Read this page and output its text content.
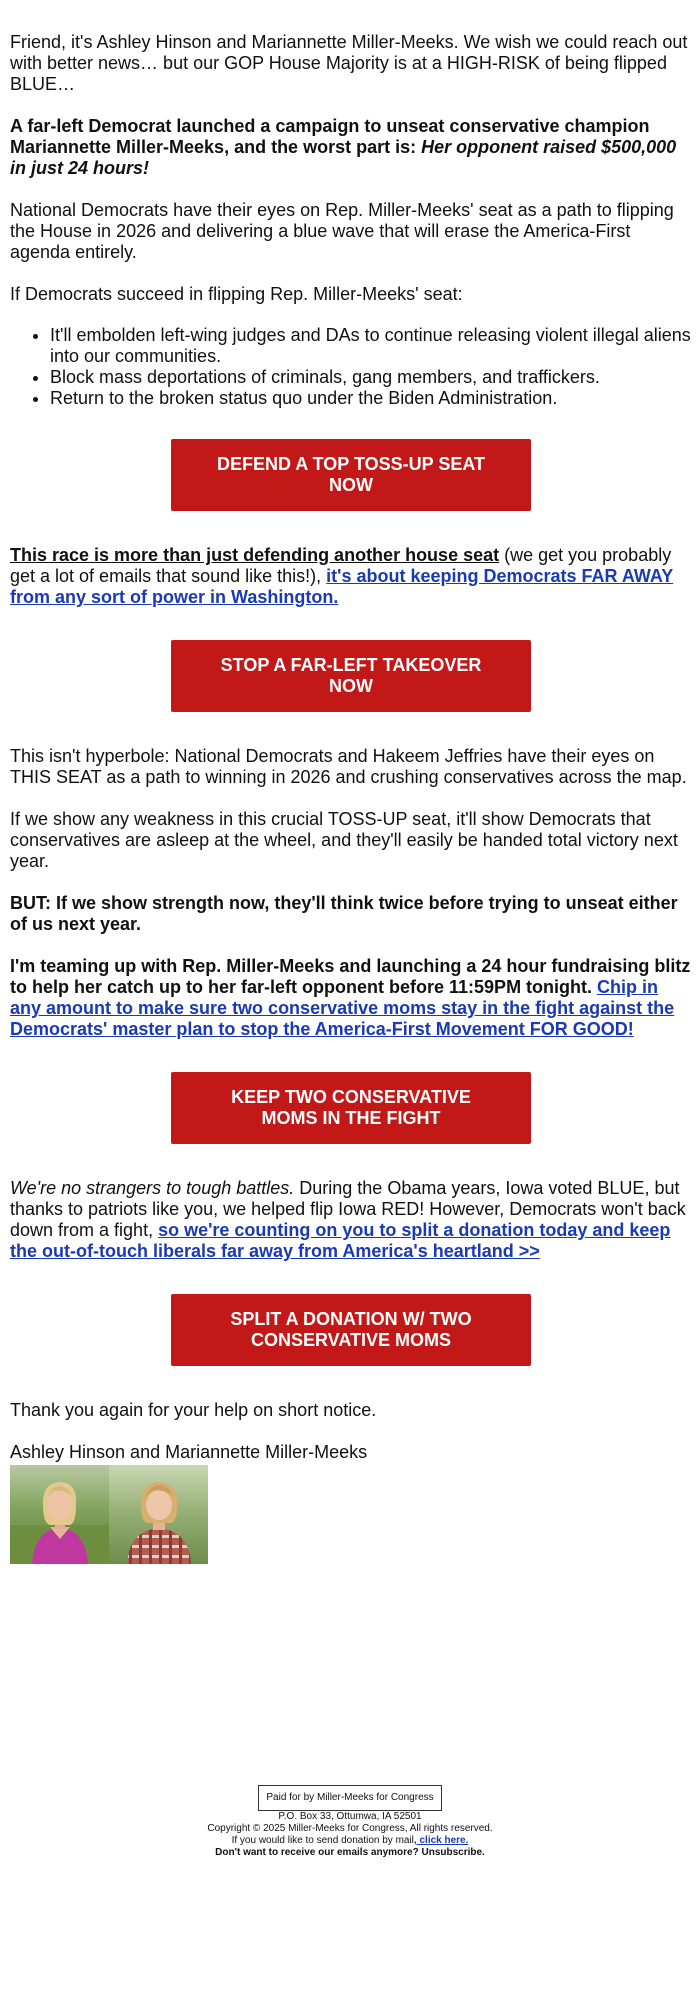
Friend, it's Ashley Hinson and Mariannette Miller-Meeks. We wish we could reach out with better news… but our GOP House Majority is at a HIGH-RISK of being flipped BLUE…

A far-left Democrat launched a campaign to unseat conservative champion Mariannette Miller-Meeks, and the worst part is: Her opponent raised $500,000 in just 24 hours!

National Democrats have their eyes on Rep. Miller-Meeks' seat as a path to flipping the House in 2026 and delivering a blue wave that will erase the America-First agenda entirely.

If Democrats succeed in flipping Rep. Miller-Meeks' seat:

• It'll embolden left-wing judges and DAs to continue releasing violent illegal aliens into our communities.
• Block mass deportations of criminals, gang members, and traffickers.
• Return to the broken status quo under the Biden Administration.
DEFEND A TOP TOSS-UP SEAT NOW

This race is more than just defending another house seat (we get you probably get a lot of emails that sound like this!), it's about keeping Democrats FAR AWAY from any sort of power in Washington.

STOP A FAR-LEFT TAKEOVER NOW

This isn't hyperbole: National Democrats and Hakeem Jeffries have their eyes on THIS SEAT as a path to winning in 2026 and crushing conservatives across the map.

If we show any weakness in this crucial TOSS-UP seat, it'll show Democrats that conservatives are asleep at the wheel, and they'll easily be handed total victory next year.

BUT: If we show strength now, they'll think twice before trying to unseat either of us next year.

I'm teaming up with Rep. Miller-Meeks and launching a 24 hour fundraising blitz to help her catch up to her far-left opponent before 11:59PM tonight. Chip in any amount to make sure two conservative moms stay in the fight against the Democrats' master plan to stop the America-First Movement FOR GOOD!

KEEP TWO CONSERVATIVE MOMS IN THE FIGHT

We're no strangers to tough battles. During the Obama years, Iowa voted BLUE, but thanks to patriots like you, we helped flip Iowa RED! However, Democrats won't back down from a fight, so we're counting on you to split a donation today and keep the out-of-touch liberals far away from America's heartland >>

SPLIT A DONATION W/ TWO CONSERVATIVE MOMS

Thank you again for your help on short notice.

Ashley Hinson and Mariannette Miller-Meeks

Paid for by Miller-Meeks for Congress

P.O. Box 33, Ottumwa, IA 52501

Copyright © 2025 Miller-Meeks for Congress, All rights reserved.

If you would like to send donation by mail, click here.

Don't want to receive our emails anymore? Unsubscribe.
